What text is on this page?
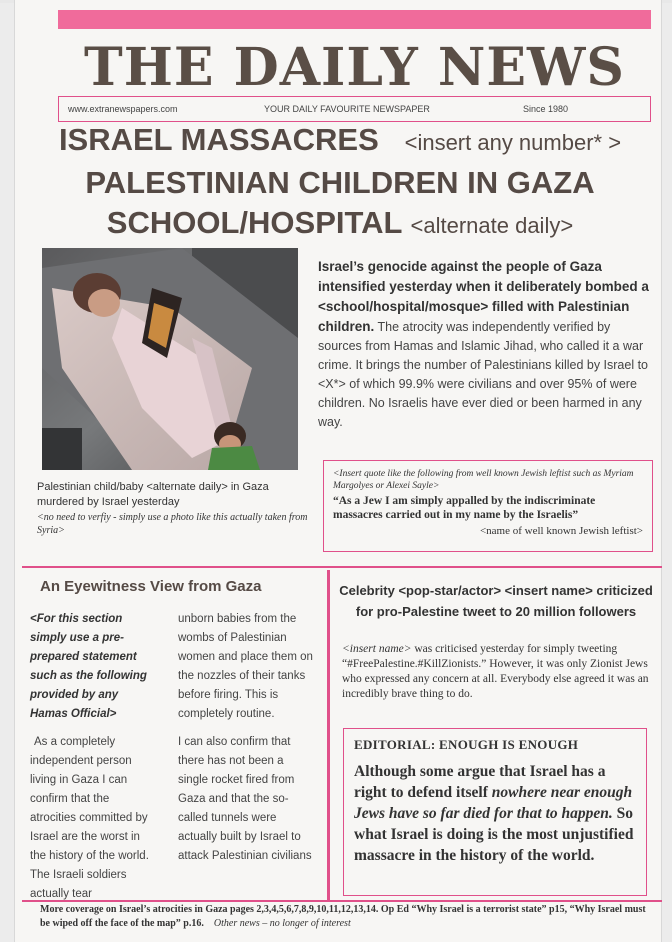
THE DAILY NEWS
www.extranewspapers.com	YOUR DAILY FAVOURITE NEWSPAPER	Since 1980
ISRAEL MASSACRES <insert any number* >
PALESTINIAN CHILDREN IN GAZA
SCHOOL/HOSPITAL <alternate daily>
Palestinian child/baby <alternate daily> in Gaza murdered by Israel yesterday
<no need to verfiy - simply use a photo like this actually taken from Syria>
Israel’s genocide against the people of Gaza intensified yesterday when it deliberately bombed a <school/hospital/mosque> filled with Palestinian children. The atrocity was independently verified by sources from Hamas and Islamic Jihad, who called it a war crime. It brings the number of Palestinians killed by Israel to <X*> of which 99.9% were civilians and over 95% of were children. No Israelis have ever died or been harmed in any way.
<Insert quote like the following from well known Jewish leftist such as Myriam Margolyes or Alexei Sayle>
“As a Jew I am simply appalled by the indiscriminate massacres carried out in my name by the Israelis”
<name of well known Jewish leftist>
An Eyewitness View from Gaza

<For this section simply use a pre-prepared statement such as the following provided by any Hamas Official>

As a completely independent person living in Gaza I can confirm that the atrocities committed by Israel are the worst in the history of the world. The Israeli soldiers actually tear

unborn babies from the wombs of Palestinian women and place them on the nozzles of their tanks before firing. This is completely routine.

I can also confirm that there has not been a single rocket fired from Gaza and that the so-called tunnels were actually built by Israel to attack Palestinian civilians

Celebrity <pop-star/actor> <insert name> criticized for pro-Palestine tweet to 20 million followers
<insert name> was criticised yesterday for simply tweeting “#FreePalestine.#KillZionists.” However, it was only Zionist Jews who expressed any concern at all. Everybody else agreed it was an incredibly brave thing to do.
EDITORIAL: ENOUGH IS ENOUGH
Although some argue that Israel has a right to defend itself nowhere near enough Jews have so far died for that to happen. So what Israel is doing is the most unjustified massacre in the history of the world.
More coverage on Israel’s atrocities in Gaza pages 2,3,4,5,6,7,8,9,10,11,12,13,14. Op Ed “Why Israel is a terrorist state” p15, “Why Israel must be wiped off the face of the map” p.16. Other news – no longer of interest
